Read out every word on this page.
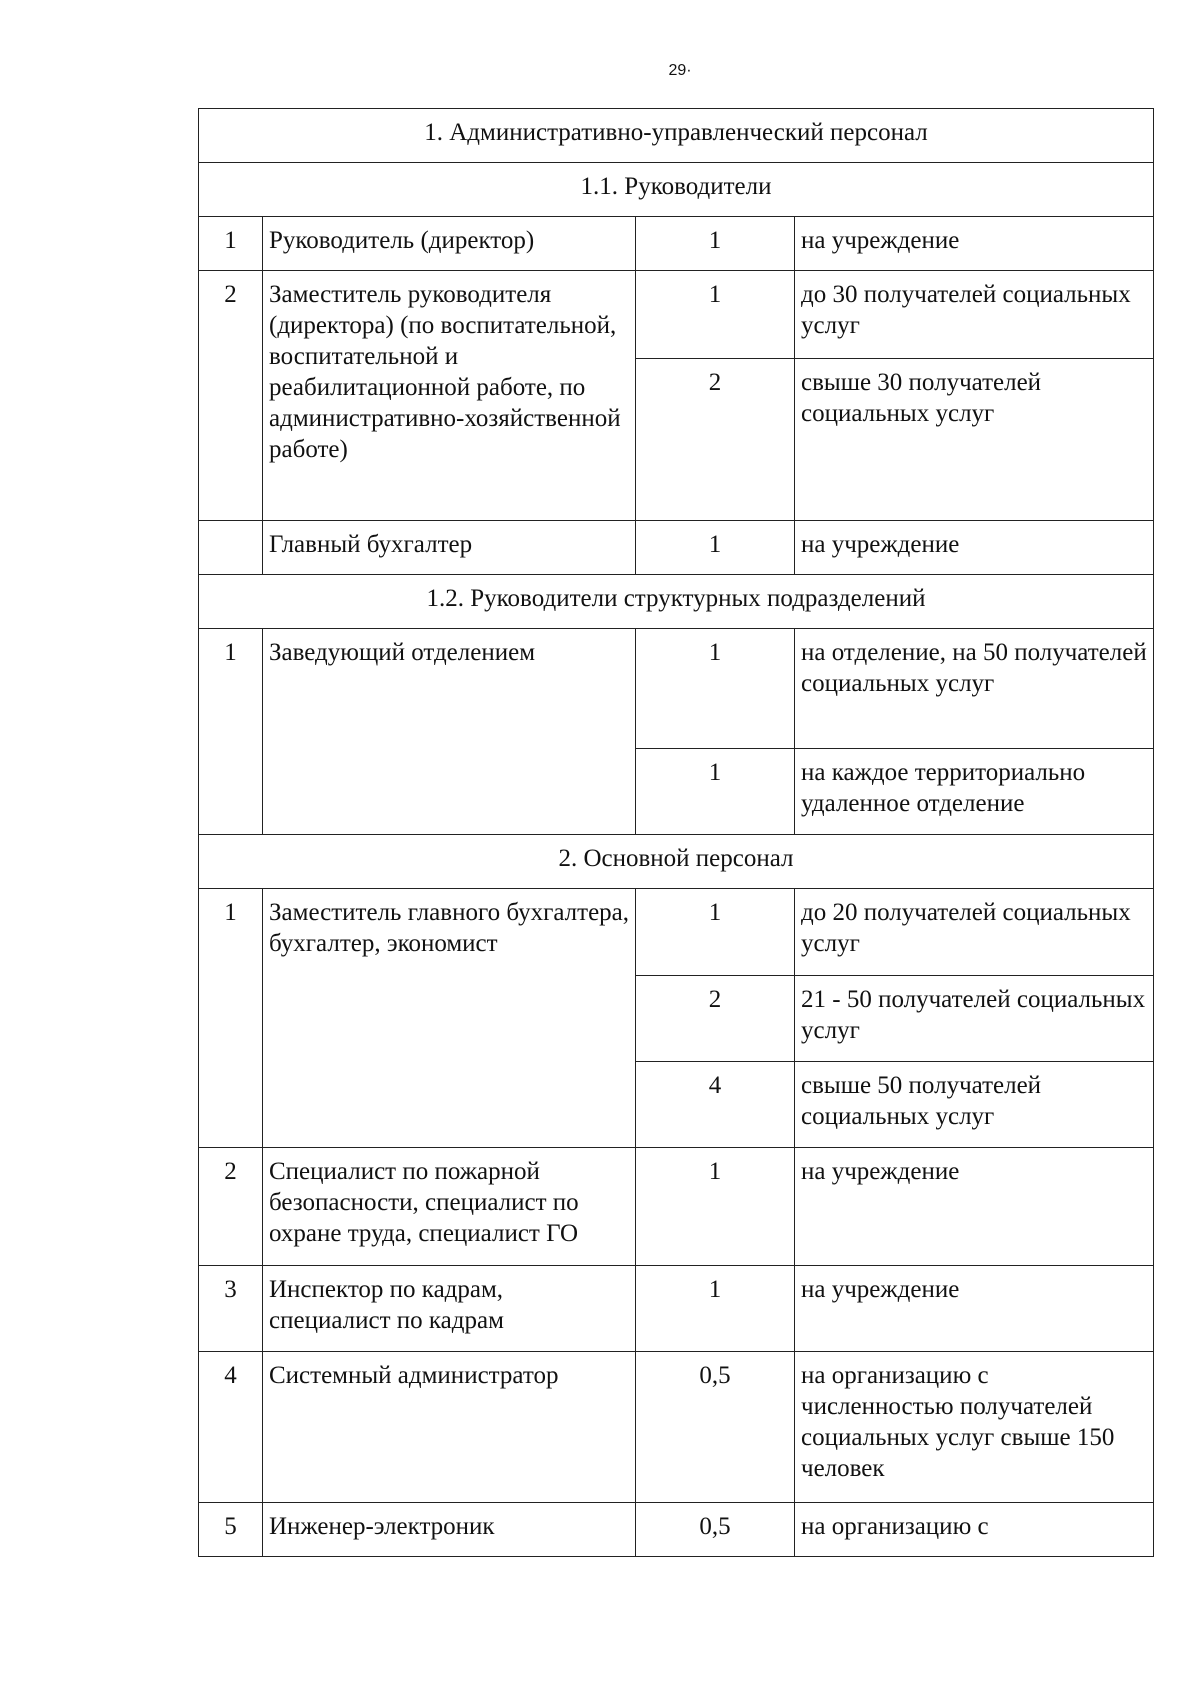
29·
1. Административно-управленческий персонал			
1.1. Руководители			
1	Руководитель (директор)	1	на учреждение
2	Заместитель руководителя (директора) (по воспитательной, воспитательной и реабилитационной работе, по административно-хозяйственной работе)	1	до 30 получателей социальных услуг
		2	свыше 30 получателей социальных услуг
	Главный бухгалтер	1	на учреждение
1.2. Руководители структурных подразделений			
1	Заведующий отделением	1	на отделение, на 50 получателей социальных услуг
		1	на каждое территориально удаленное отделение
2. Основной персонал			
1	Заместитель главного бухгалтера, бухгалтер, экономист	1	до 20 получателей социальных услуг
		2	21 - 50 получателей социальных услуг
		4	свыше 50 получателей социальных услуг
2	Специалист по пожарной безопасности, специалист по охране труда, специалист ГО	1	на учреждение
3	Инспектор по кадрам, специалист по кадрам	1	на учреждение
4	Системный администратор	0,5	на организацию с численностью получателей социальных услуг свыше 150 человек
5	Инженер-электроник	0,5	на организацию с
